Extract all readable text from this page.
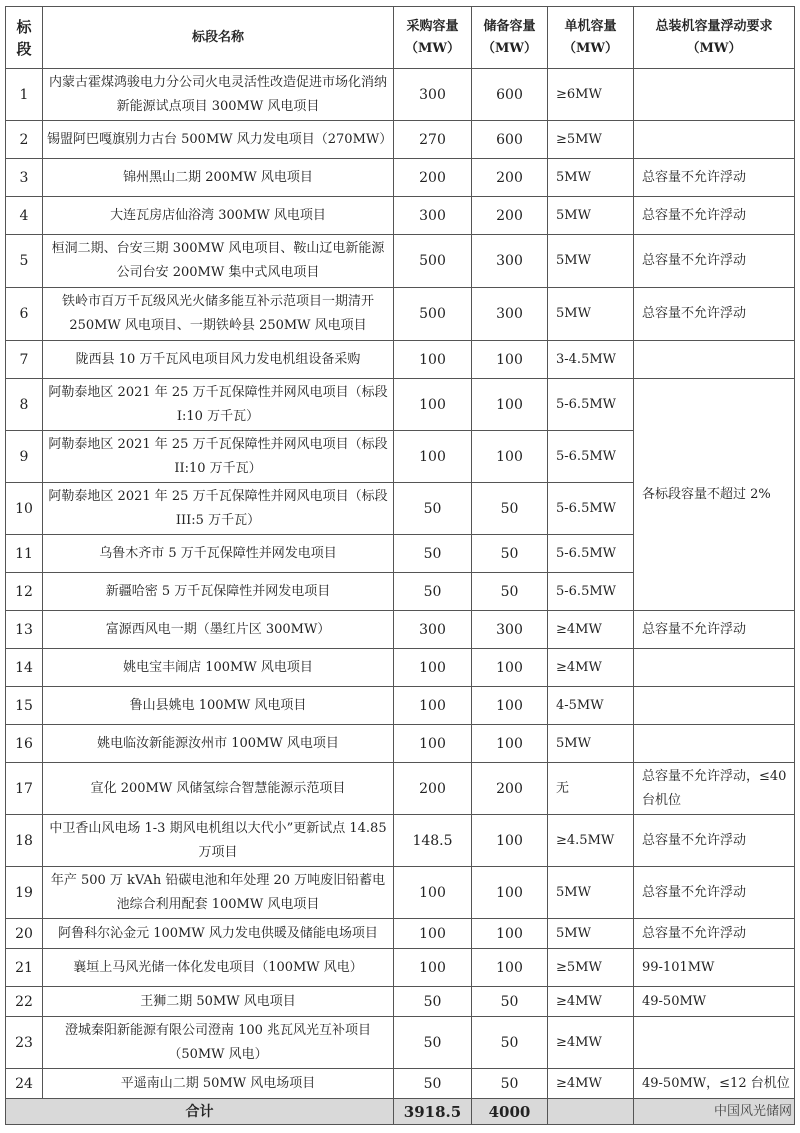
标段	标段名称	采购容量（MW）	储备容量（MW）	单机容量（MW）	总装机容量浮动要求（MW）
1	内蒙古霍煤鸿骏电力分公司火电灵活性改造促进市场化消纳新能源试点项目 300MW 风电项目	300	600	≥6MW	
2	锡盟阿巴嘎旗别力古台 500MW 风力发电项目（270MW）	270	600	≥5MW	
3	锦州黑山二期 200MW 风电项目	200	200	5MW	总容量不允许浮动
4	大连瓦房店仙浴湾 300MW 风电项目	300	200	5MW	总容量不允许浮动
5	桓洞二期、台安三期 300MW 风电项目、鞍山辽电新能源公司台安 200MW 集中式风电项目	500	300	5MW	总容量不允许浮动
6	铁岭市百万千瓦级风光火储多能互补示范项目一期清开 250MW 风电项目、一期铁岭县 250MW 风电项目	500	300	5MW	总容量不允许浮动
7	陇西县 10 万千瓦风电项目风力发电机组设备采购	100	100	3-4.5MW	
8	阿勒泰地区 2021 年 25 万千瓦保障性并网风电项目（标段 I:10 万千瓦）	100	100	5-6.5MW	各标段容量不超过 2%
9	阿勒泰地区 2021 年 25 万千瓦保障性并网风电项目（标段 II:10 万千瓦）	100	100	5-6.5MW	
10	阿勒泰地区 2021 年 25 万千瓦保障性并网风电项目（标段 III:5 万千瓦）	50	50	5-6.5MW	
11	乌鲁木齐市 5 万千瓦保障性并网发电项目	50	50	5-6.5MW	
12	新疆哈密 5 万千瓦保障性并网发电项目	50	50	5-6.5MW	
13	富源西风电一期（墨红片区 300MW）	300	300	≥4MW	总容量不允许浮动
14	姚电宝丰闹店 100MW 风电项目	100	100	≥4MW	
15	鲁山县姚电 100MW 风电项目	100	100	4-5MW	
16	姚电临汝新能源汝州市 100MW 风电项目	100	100	5MW	
17	宣化 200MW 风储氢综合智慧能源示范项目	200	200	无	总容量不允许浮动，≤40 台机位
18	中卫香山风电场 1-3 期风电机组以大代小”更新试点 14.85 万项目	148.5	100	≥4.5MW	总容量不允许浮动
19	年产 500 万 kVAh 铅碳电池和年处理 20 万吨废旧铅蓄电池综合利用配套 100MW 风电项目	100	100	5MW	总容量不允许浮动
20	阿鲁科尔沁金元 100MW 风力发电供暖及储能电场项目	100	100	5MW	总容量不允许浮动
21	襄垣上马风光储一体化发电项目（100MW 风电）	100	100	≥5MW	99-101MW
22	王狮二期 50MW 风电项目	50	50	≥4MW	49-50MW
23	澄城秦阳新能源有限公司澄南 100 兆瓦风光互补项目（50MW 风电）	50	50	≥4MW	
24	平遥南山二期 50MW 风电场项目	50	50	≥4MW	49-50MW，≤12 台机位
合计		3918.5	4000			中国风光储网
